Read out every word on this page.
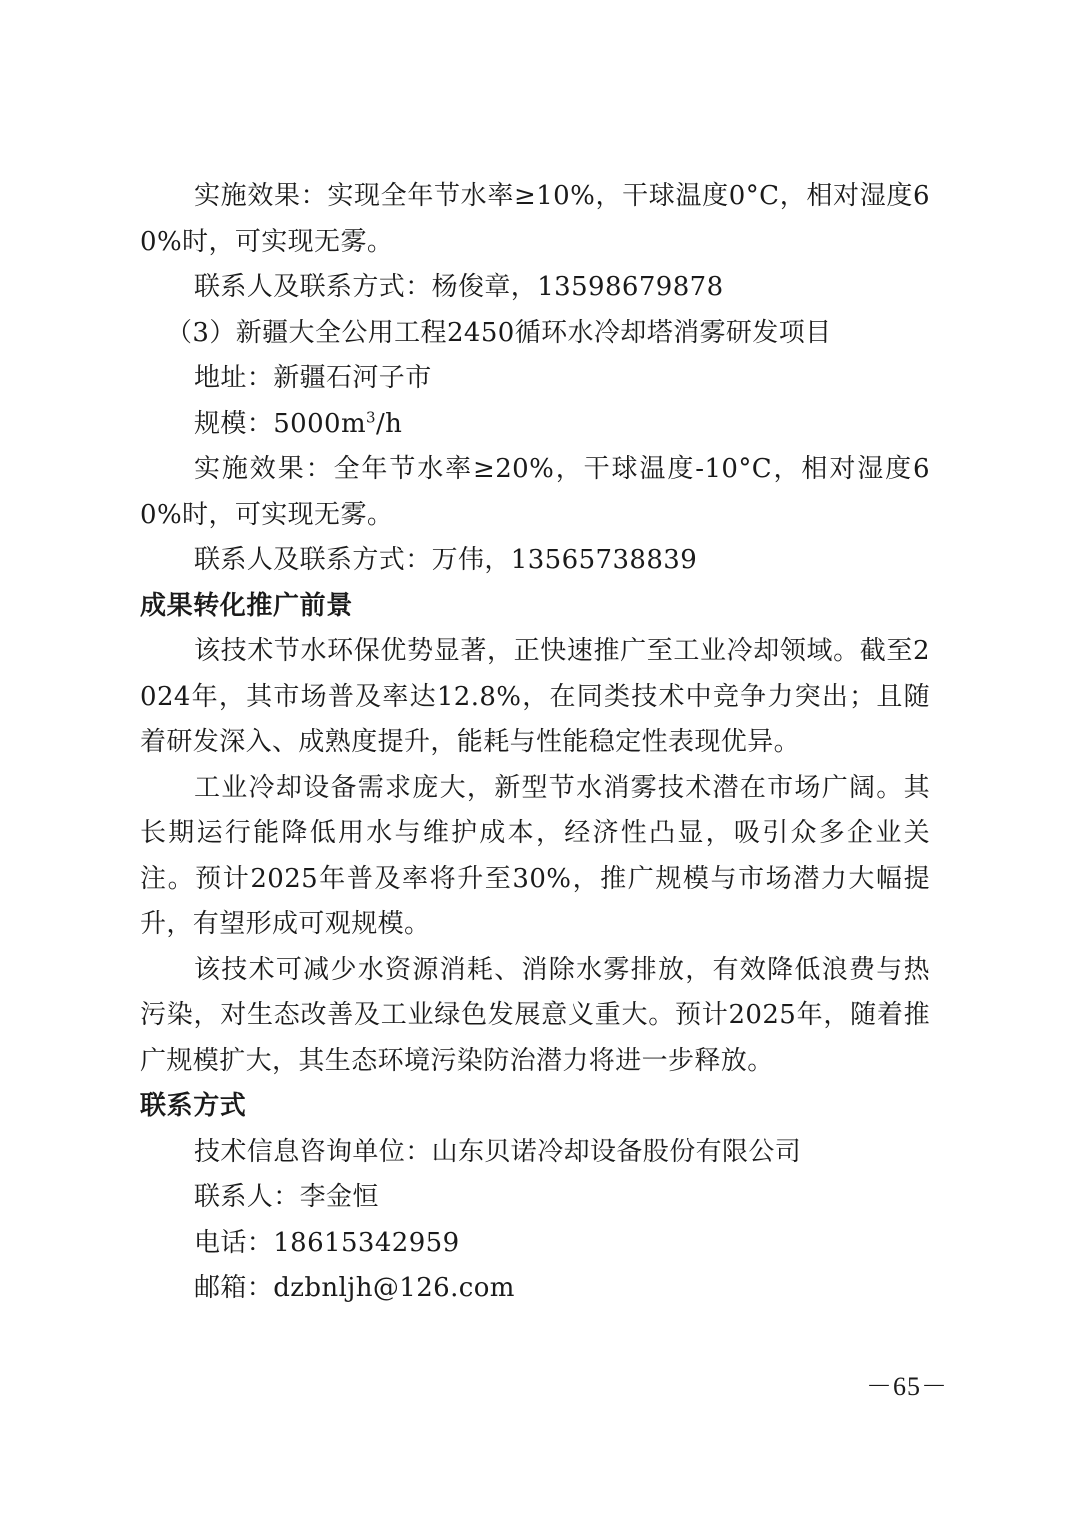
实施效果：实现全年节水率≥10%，干球温度0°C，相对湿度60%时，可实现无雾。

联系人及联系方式：杨俊章，13598679878

（3）新疆大全公用工程2450循环水冷却塔消雾研发项目

地址：新疆石河子市

规模：$5000m^3/h$

实施效果：全年节水率≥20%，干球温度-10°C，相对湿度60%时，可实现无雾。

联系人及联系方式：万伟，13565738839

成果转化推广前景

该技术节水环保优势显著，正快速推广至工业冷却领域。截至2024年，其市场普及率达12.8%，在同类技术中竞争力突出；且随着研发深入、成熟度提升，能耗与性能稳定性表现优异。

工业冷却设备需求庞大，新型节水消雾技术潜在市场广阔。其长期运行能降低用水与维护成本，经济性凸显，吸引众多企业关注。预计2025年普及率将升至30%，推广规模与市场潜力大幅提升，有望形成可观规模。

该技术可减少水资源消耗、消除水雾排放，有效降低浪费与热污染，对生态改善及工业绿色发展意义重大。预计2025年，随着推广规模扩大，其生态环境污染防治潜力将进一步释放。

联系方式

技术信息咨询单位：山东贝诺冷却设备股份有限公司

联系人：李金恒

电话：18615342959

邮箱：dzbnljh@126.com

－65－
